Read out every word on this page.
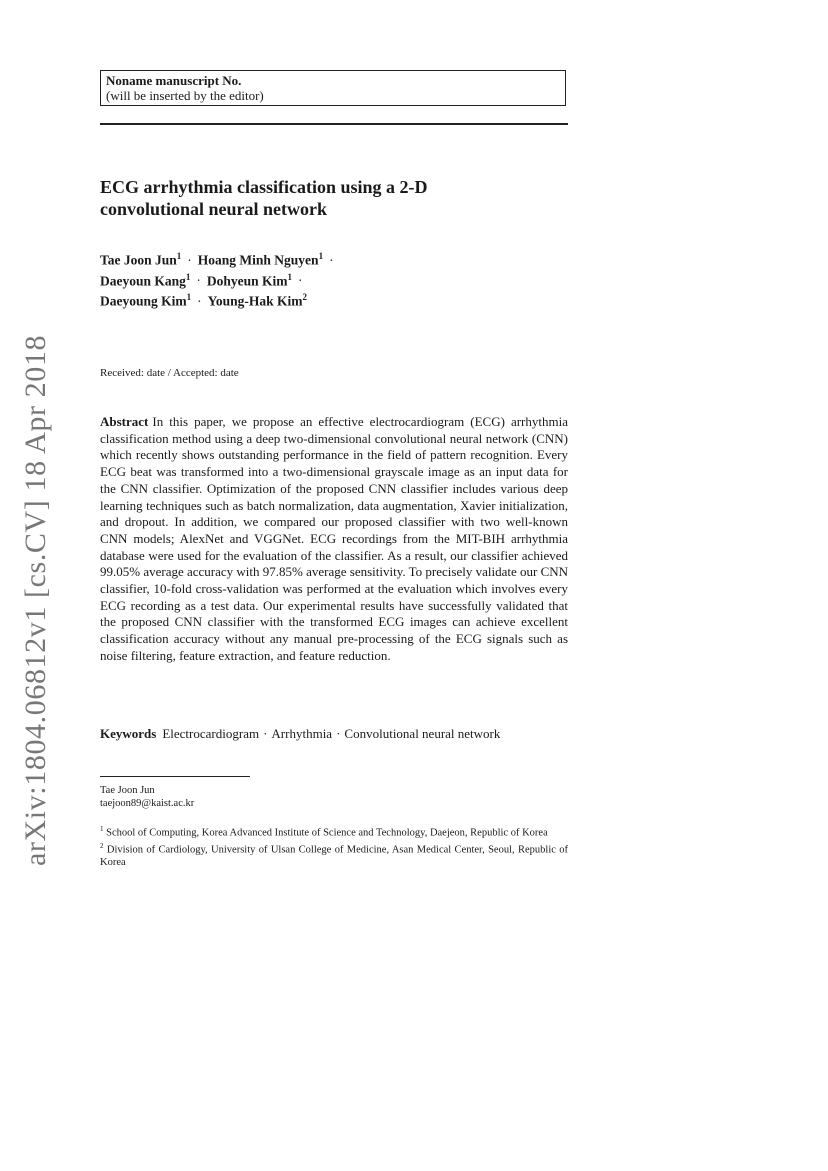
arXiv:1804.06812v1 [cs.CV] 18 Apr 2018
Noname manuscript No.
(will be inserted by the editor)
ECG arrhythmia classification using a 2-D
convolutional neural network
Tae Joon Jun$^1$ · Hoang Minh Nguyen$^1$ ·
Daeyoun Kang$^1$ · Dohyeun Kim$^1$ ·
Daeyoung Kim$^1$ · Young-Hak Kim$^2$
Received: date / Accepted: date
Abstract In this paper, we propose an effective electrocardiogram (ECG) arrhythmia classification method using a deep two-dimensional convolutional neural network (CNN) which recently shows outstanding performance in the field of pattern recognition. Every ECG beat was transformed into a two-dimensional grayscale image as an input data for the CNN classifier. Optimization of the proposed CNN classifier includes various deep learning techniques such as batch normalization, data augmentation, Xavier initialization, and dropout. In addition, we compared our proposed classifier with two well-known CNN models; AlexNet and VGGNet. ECG recordings from the MIT-BIH arrhythmia database were used for the evaluation of the classifier. As a result, our classifier achieved 99.05% average accuracy with 97.85% average sensitivity. To precisely validate our CNN classifier, 10-fold cross-validation was performed at the evaluation which involves every ECG recording as a test data. Our experimental results have successfully validated that the proposed CNN classifier with the transformed ECG images can achieve excellent classification accuracy without any manual pre-processing of the ECG signals such as noise filtering, feature extraction, and feature reduction.
Keywords Electrocardiogram · Arrhythmia · Convolutional neural network
Tae Joon Jun
taejoon89@kaist.ac.kr
$^1$ School of Computing, Korea Advanced Institute of Science and Technology, Daejeon, Republic of Korea
$^2$ Division of Cardiology, University of Ulsan College of Medicine, Asan Medical Center, Seoul, Republic of Korea
